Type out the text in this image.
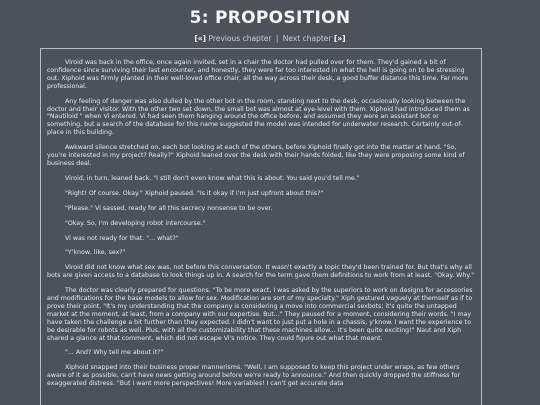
5: PROPOSITION
[«] Previous chapter | Next chapter [»]

Viroid was back in the office, once again invited, set in a chair the doctor had pulled over for them. They'd gained a bit of confidence since surviving their last encounter, and honestly, they were far too interested in what the hell is going on to be stressing out. Xiphoid was firmly planted in their well-loved office chair, all the way across their desk, a good buffer distance this time. Far more professional.

Any feeling of danger was also dulled by the other bot in the room, standing next to the desk, occasionally looking between the doctor and their visitor. With the other two set down, the small bot was almost at eye-level with them. Xiphoid had introduced them as "Nautiloid " when Vi entered. Vi had seen them hanging around the office before, and assumed they were an assistant bot or something, but a search of the database for this name suggested the model was intended for underwater research. Certainly out-of-place in this building.

Awkward silence stretched on, each bot looking at each of the others, before Xiphoid finally got into the matter at hand. "So, you're interested in my project? Really?" Xiphoid leaned over the desk with their hands folded, like they were proposing some kind of business deal.

Viroid, in turn, leaned back. "I still don't even know what this is about. You said you'd tell me."

"Right! Of course. Okay." Xiphoid paused. "Is it okay if I'm just upfront about this?"

"Please." Vi sassed, ready for all this secrecy nonsense to be over.

"Okay. So, I'm developing robot intercourse."

Vi was not ready for that. "... what?"

"Y'know, like, sex?"

Viroid did not know what sex was, not before this conversation. It wasn't exactly a topic they'd been trained for. But that's why all bots are given access to a database to look things up in. A search for the term gave them definitions to work from at least. "Okay. Why."

The doctor was clearly prepared for questions. "To be more exact, I was asked by the superiors to work on designs for accessories and modifications for the base models to allow for sex. Modification are sort of my specialty." Xiph gestured vaguely at themself as if to prove their point. "It's my understanding that the company is considering a move into commercial sexbots; it's quite the untapped market at the moment, at least, from a company with our expertise. But..." They paused for a moment, considering their words. "I may have taken the challenge a bit further than they expected. I didn't want to just put a hole in a chassis, y'know. I want the experience to be desirable for robots as well. Plus, with all the customizability that these machines allow... It's been quite exciting!" Naut and Xiph shared a glance at that comment, which did not escape Vi's notice. They could figure out what that meant.

"... And? Why tell me about it?"

Xiphoid snapped into their business proper mannerisms. "Well, I am supposed to keep this project under wraps, as few others aware of it as possible, can't have news getting around before we're ready to announce." And then quickly dropped the stiffness for exaggerated distress. "But I want more perspectives! More variables! I can't get accurate data
